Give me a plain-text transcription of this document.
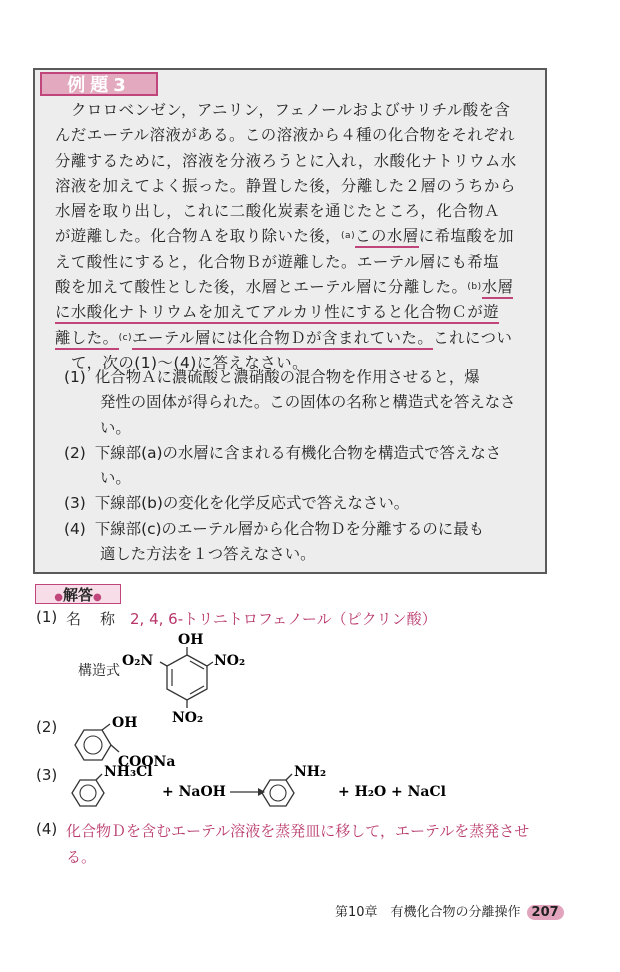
例題3
クロロベンゼン，アニリン，フェノールおよびサリチル酸を含
んだエーテル溶液がある。この溶液から４種の化合物をそれぞれ
分離するために，溶液を分液ろうとに入れ，水酸化ナトリウム水
溶液を加えてよく振った。静置した後，分離した２層のうちから
水層を取り出し，これに二酸化炭素を通じたところ，化合物Ａ
が遊離した。化合物Ａを取り除いた後，$^{(a)}$この水層に希塩酸を加
えて酸性にすると，化合物Ｂが遊離した。エーテル層にも希塩
酸を加えて酸性とした後，水層とエーテル層に分離した。$^{(b)}$水層
に水酸化ナトリウムを加えてアルカリ性にすると化合物Ｃが遊
離した。$^{(c)}$エーテル層には化合物Ｄが含まれていた。これについ
て，次の(1)〜(4)に答えなさい。
(1) 化合物Ａに濃硫酸と濃硝酸の混合物を作用させると，爆
発性の固体が得られた。この固体の名称と構造式を答えなさ
い。
(2) 下線部(a)の水層に含まれる有機化合物を構造式で答えなさ
い。
(3) 下線部(b)の変化を化学反応式で答えなさい。
(4) 下線部(c)のエーテル層から化合物Ｄを分離するのに最も
適した方法を１つ答えなさい。
●解答●
(1) 名　称 2, 4, 6-トリニトロフェノール（ピクリン酸）
構造式
OH
O₂N	NO₂
NO₂
(2)	OH
COONa
(3)	NH₃Cl
+ NaOH
NH₂
+ H₂O + NaCl
(4) 化合物Ｄを含むエーテル溶液を蒸発皿に移して，エーテルを蒸発させ
る。
第10章　有機化合物の分離操作 207
